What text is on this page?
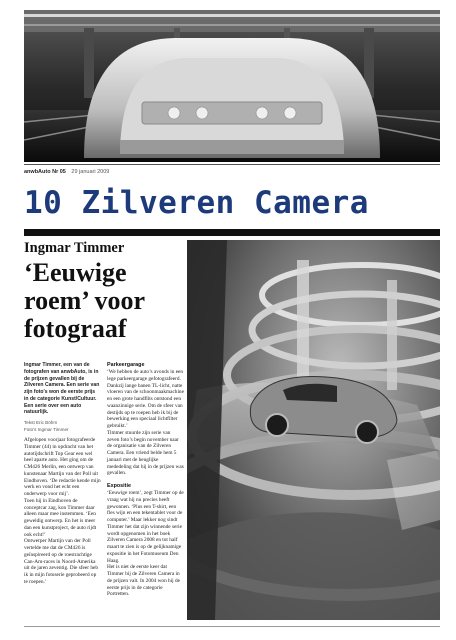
anwbAuto Nr 05 29 januari 2009
10 Zilveren Camera
Ingmar Timmer
‘Eeuwige roem’ voor fotograaf

Ingmar Timmer, een van de fotografen van anwbAuto, is in de prijzen gevallen bij de Zilveren Camera. Een serie van zijn foto's won de eerste prijs in de categorie Kunst/Cultuur. Een serie over een auto natuurlijk.

Tekst Eric Böhm
Foto's Ingmar Timmer

Afgelopen voorjaar fotografeerde Timmer (44) in opdracht van het autotijdschrift Top Gear een wel heel aparte auto. Het ging om de CM426 Merlin, een ontwerp van kunstenaar Martijn van der Poll uit Eindhoven. ‘De redactie kende mijn werk en vond het echt een onderwerp voor mij’.

Toen hij in Eindhoven de conceptcar zag, kon Timmer daar alleen maar mee instemmen. ‘Een geweldig ontwerp. En het is meer dan een kunstproject, de auto rijdt ook echt!’

Ontwerper Martijn van der Poll vertelde me dat de CM426 is geïnspireerd op de roestrachtige Can-Am-races in Noord-Amerika uit de jaren zeventig. Die sfeer heb ik in mijn fotoserie geprobeerd op te roepen.’

Parkeergarage

‘We hebben de auto’s avonds in een lege parkeergarage gefotografeerd. Dankzij lange banen TL-licht, natte vloeren van de schoonmaakmachine en een grote handflits ontstond een waanzinnige serie. Om de sfeer van destijds op te roepen heb ik bij de bewerking een speciaal lichtfilter gebruikt.’

Timmer stuurde zijn serie van zeven foto’s begin november naar de organisatie van de Zilveren Camera. Een vriend belde hem 5 januari met de heuglijke mededeling dat hij in de prijzen was gevallen.

Expositie

‘Eeuwige roem’, zegt Timmer op de vraag wat hij nu precies heeft gewonnen. ‘Plus een T-shirt, een fles wijn en een tekentablet voor de computer.’ Maar lekker nog sindt Timmer het dat zijn winnende serie wordt opgenomen in het boek Zilveren Camera 2008 en tot half maart te zien is op de gelijknamige expositie in het Fotomuseum Den Haag.

Het is niet de eerste keer dat Timmer bij de Zilveren Camera in de prijzen valt. In 2004 won hij de eerste prijs in de categorie Portretten.
